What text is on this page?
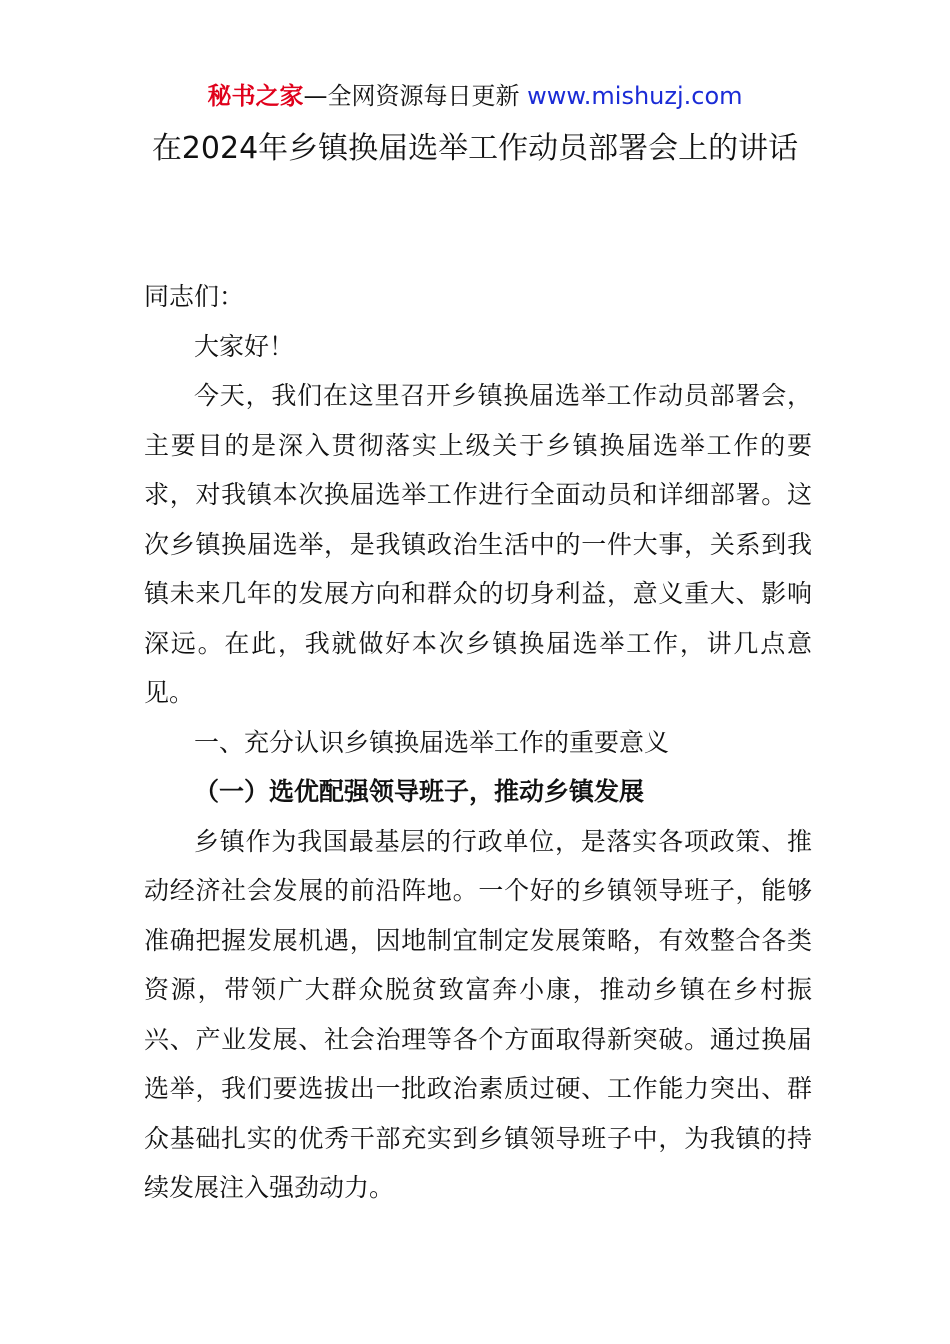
秘书之家—全网资源每日更新 www.mishuzj.com
在2024年乡镇换届选举工作动员部署会上的讲话

同志们：

大家好！

今天，我们在这里召开乡镇换届选举工作动员部署会，主要目的是深入贯彻落实上级关于乡镇换届选举工作的要求，对我镇本次换届选举工作进行全面动员和详细部署。这次乡镇换届选举，是我镇政治生活中的一件大事，关系到我镇未来几年的发展方向和群众的切身利益，意义重大、影响深远。在此，我就做好本次乡镇换届选举工作，讲几点意见。

一、充分认识乡镇换届选举工作的重要意义

（一）选优配强领导班子，推动乡镇发展

乡镇作为我国最基层的行政单位，是落实各项政策、推动经济社会发展的前沿阵地。一个好的乡镇领导班子，能够准确把握发展机遇，因地制宜制定发展策略，有效整合各类资源，带领广大群众脱贫致富奔小康，推动乡镇在乡村振兴、产业发展、社会治理等各个方面取得新突破。通过换届选举，我们要选拔出一批政治素质过硬、工作能力突出、群众基础扎实的优秀干部充实到乡镇领导班子中，为我镇的持续发展注入强劲动力。
